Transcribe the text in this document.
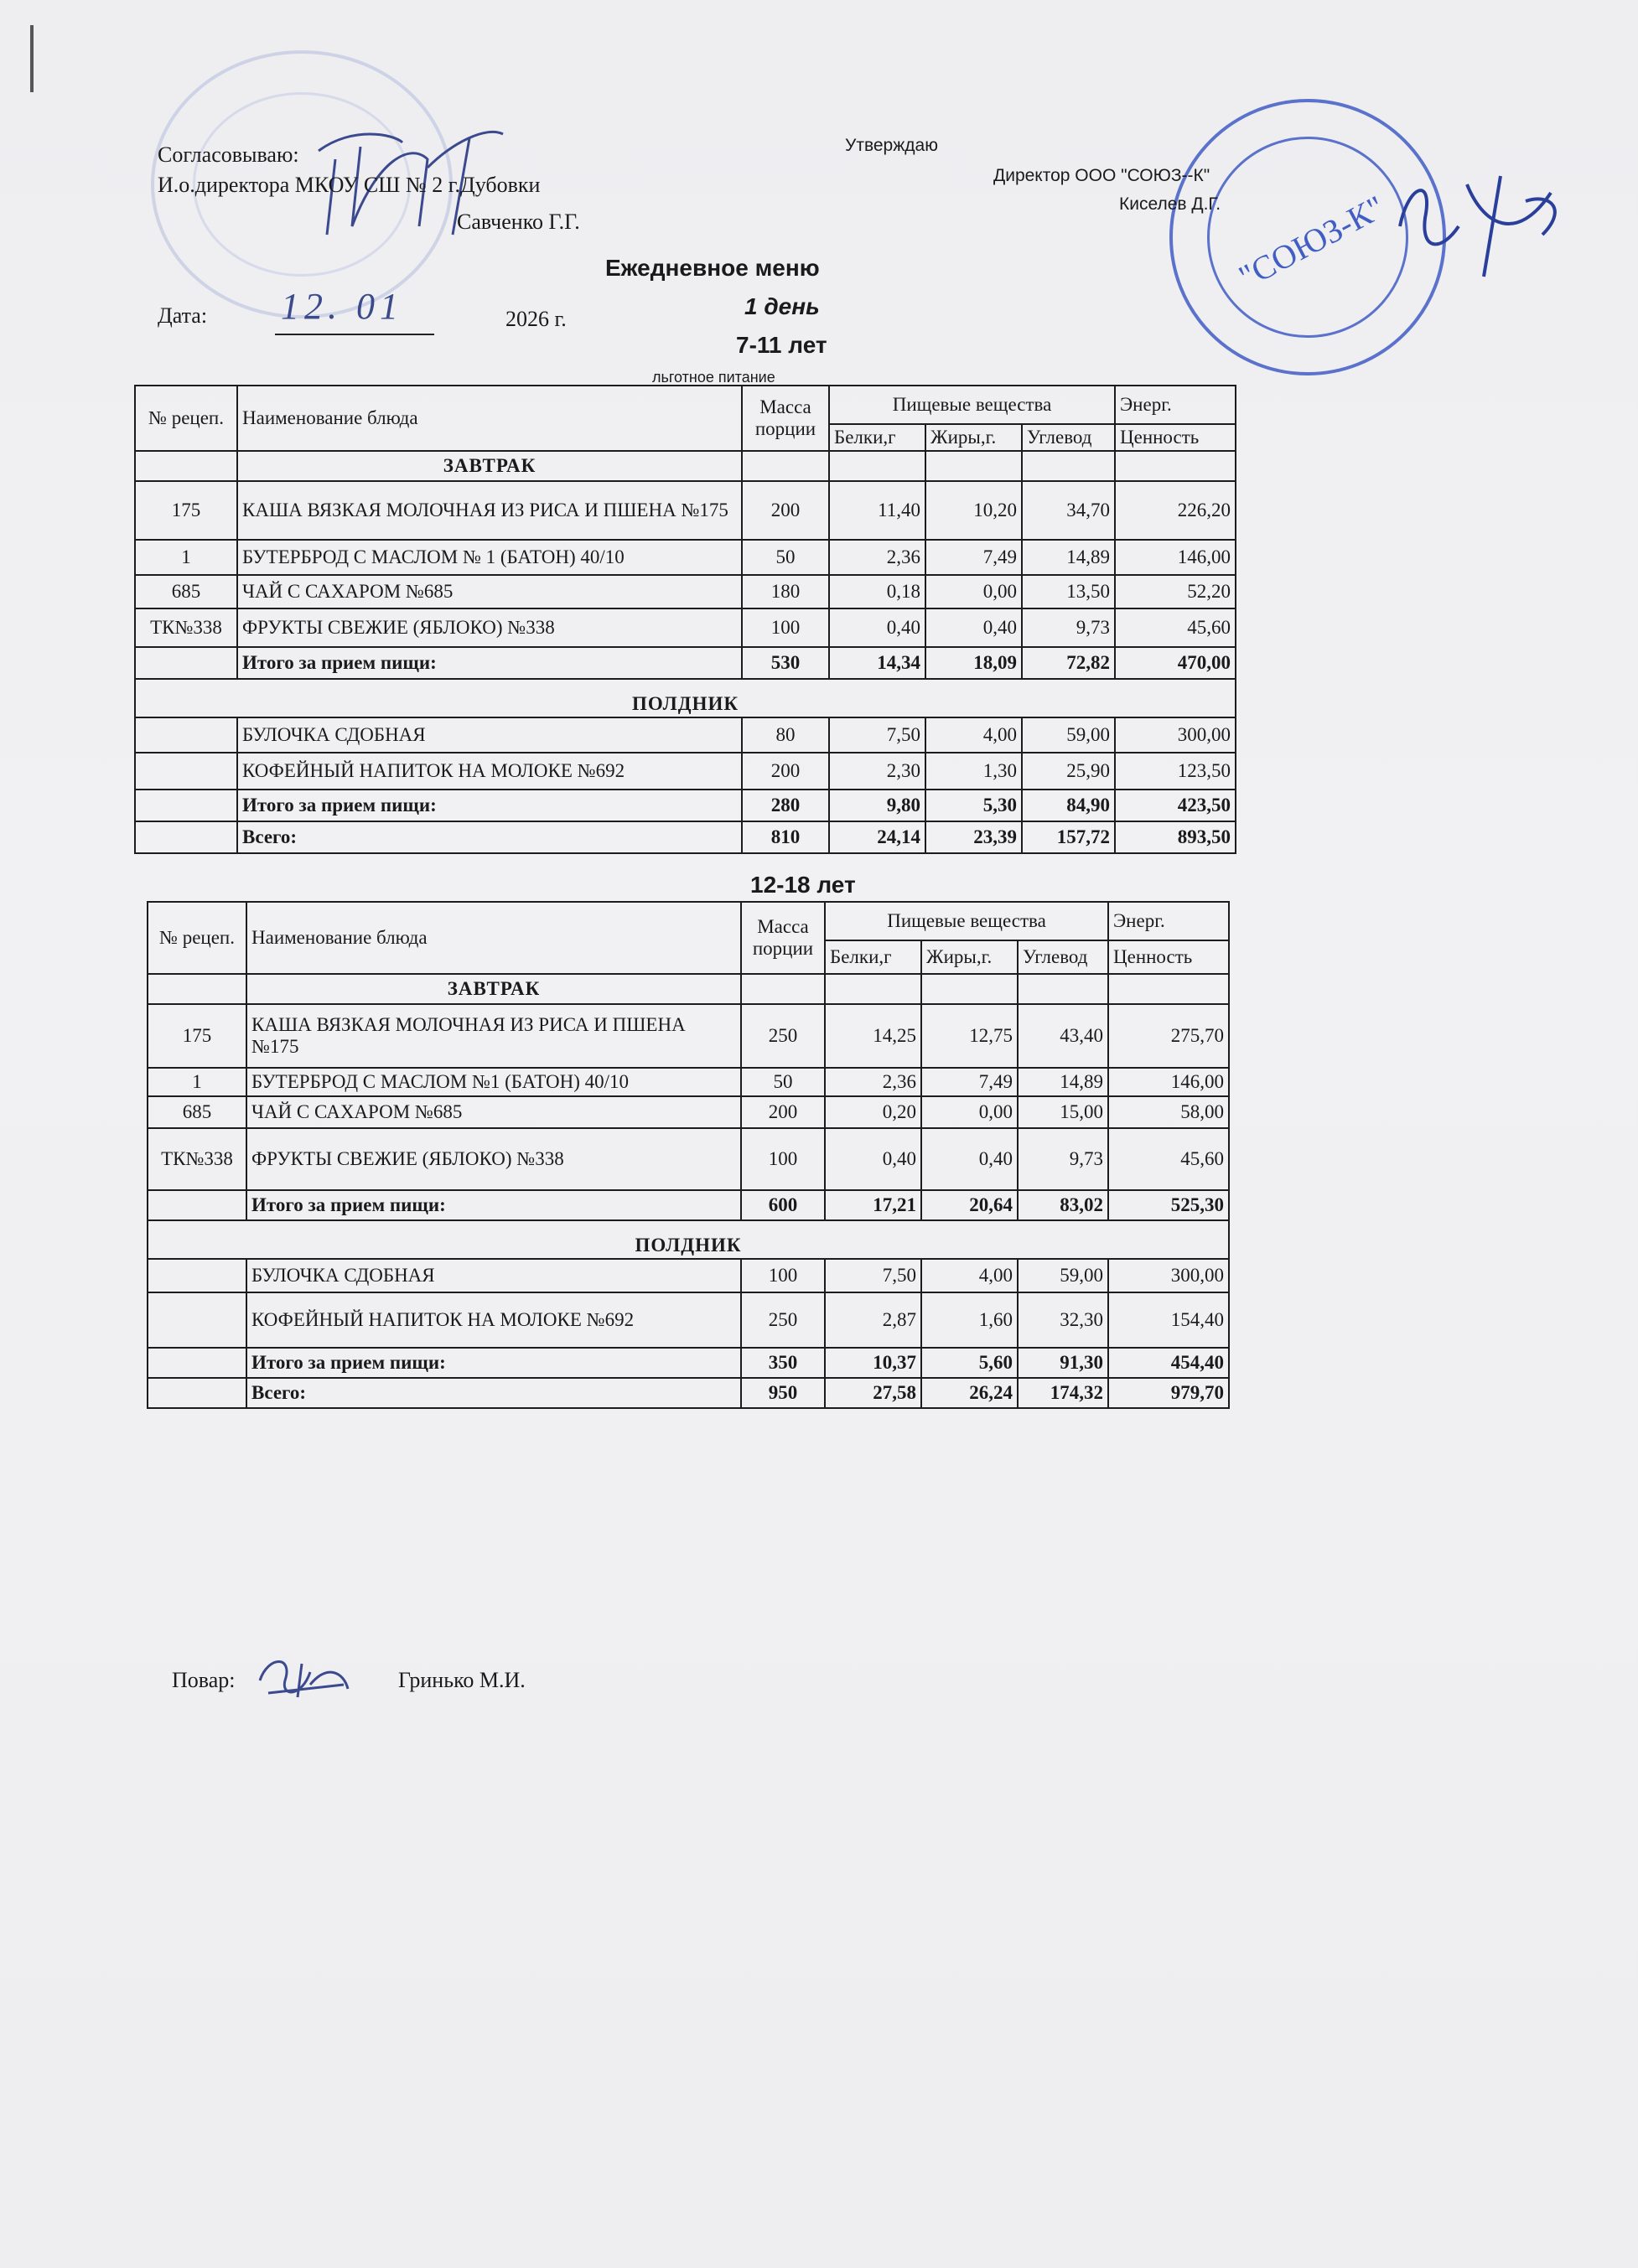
"СОЮЗ-К"
Согласовываю:
И.о.директора МКОУ СШ № 2 г.Дубовки
Савченко Г.Г.
Утверждаю
Директор ООО "СОЮЗ--К"
Киселев Д.Г.
Ежедневное меню
Дата: 12. 01	2026 г.	1 день
7-11 лет
льготное питание
№ рецеп.	Наименование блюда	Масса порции	Пищевые вещества			Энерг.
			Белки,г	Жиры,г.	Углевод	Ценность
	ЗАВТРАК					
175	КАША ВЯЗКАЯ МОЛОЧНАЯ ИЗ РИСА И ПШЕНА №175	200	11,40	10,20	34,70	226,20
1	БУТЕРБРОД С МАСЛОМ № 1 (БАТОН) 40/10	50	2,36	7,49	14,89	146,00
685	ЧАЙ С САХАРОМ №685	180	0,18	0,00	13,50	52,20
ТК№338	ФРУКТЫ СВЕЖИЕ (ЯБЛОКО) №338	100	0,40	0,40	9,73	45,60
	Итого за прием пищи:	530	14,34	18,09	72,82	470,00
ПОЛДНИК						
	БУЛОЧКА СДОБНАЯ	80	7,50	4,00	59,00	300,00
	КОФЕЙНЫЙ НАПИТОК НА МОЛОКЕ №692	200	2,30	1,30	25,90	123,50
	Итого за прием пищи:	280	9,80	5,30	84,90	423,50
	Всего:	810	24,14	23,39	157,72	893,50
12-18 лет
№ рецеп.	Наименование блюда	Масса порции	Пищевые вещества			Энерг.
			Белки,г	Жиры,г.	Углевод	Ценность
	ЗАВТРАК					
175	КАША ВЯЗКАЯ МОЛОЧНАЯ ИЗ РИСА И ПШЕНА №175	250	14,25	12,75	43,40	275,70
1	БУТЕРБРОД С МАСЛОМ №1 (БАТОН) 40/10	50	2,36	7,49	14,89	146,00
685	ЧАЙ С САХАРОМ №685	200	0,20	0,00	15,00	58,00
ТК№338	ФРУКТЫ СВЕЖИЕ (ЯБЛОКО) №338	100	0,40	0,40	9,73	45,60
	Итого за прием пищи:	600	17,21	20,64	83,02	525,30
ПОЛДНИК						
	БУЛОЧКА СДОБНАЯ	100	7,50	4,00	59,00	300,00
	КОФЕЙНЫЙ НАПИТОК НА МОЛОКЕ №692	250	2,87	1,60	32,30	154,40
	Итого за прием пищи:	350	10,37	5,60	91,30	454,40
	Всего:	950	27,58	26,24	174,32	979,70
Повар:	Гринько М.И.
